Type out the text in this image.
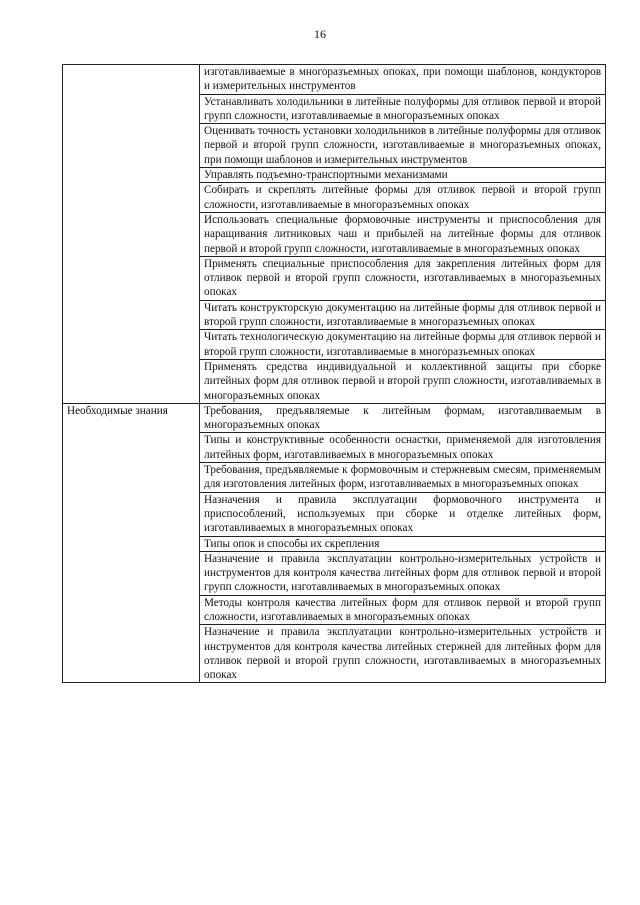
16
	изготавливаемые в многоразъемных опоках, при помощи шаблонов, кондукторов и измерительных инструментов
	Устанавливать холодильники в литейные полуформы для отливок первой и второй групп сложности, изготавливаемые в многоразъемных опоках
	Оценивать точность установки холодильников в литейные полуформы для отливок первой и второй групп сложности, изготавливаемые в многоразъемных опоках, при помощи шаблонов и измерительных инструментов
	Управлять подъемно-транспортными механизмами
	Собирать и скреплять литейные формы для отливок первой и второй групп сложности, изготавливаемые в многоразъемных опоках
	Использовать специальные формовочные инструменты и приспособления для наращивания литниковых чаш и прибылей на литейные формы для отливок первой и второй групп сложности, изготавливаемые в многоразъемных опоках
	Применять специальные приспособления для закрепления литейных форм для отливок первой и второй групп сложности, изготавливаемых в многоразъемных опоках
	Читать конструкторскую документацию на литейные формы для отливок первой и второй групп сложности, изготавливаемые в многоразъемных опоках
	Читать технологическую документацию на литейные формы для отливок первой и второй групп сложности, изготавливаемые в многоразъемных опоках
	Применять средства индивидуальной и коллективной защиты при сборке литейных форм для отливок первой и второй групп сложности, изготавливаемых в многоразъемных опоках
Необходимые знания	Требования, предъявляемые к литейным формам, изготавливаемым в многоразъемных опоках
	Типы и конструктивные особенности оснастки, применяемой для изготовления литейных форм, изготавливаемых в многоразъемных опоках
	Требования, предъявляемые к формовочным и стержневым смесям, применяемым для изготовления литейных форм, изготавливаемых в многоразъемных опоках
	Назначения и правила эксплуатации формовочного инструмента и приспособлений, используемых при сборке и отделке литейных форм, изготавливаемых в многоразъемных опоках
	Типы опок и способы их скрепления
	Назначение и правила эксплуатации контрольно-измерительных устройств и инструментов для контроля качества литейных форм для отливок первой и второй групп сложности, изготавливаемых в многоразъемных опоках
	Методы контроля качества литейных форм для отливок первой и второй групп сложности, изготавливаемых в многоразъемных опоках
	Назначение и правила эксплуатации контрольно-измерительных устройств и инструментов для контроля качества литейных стержней для литейных форм для отливок первой и второй групп сложности, изготавливаемых в многоразъемных опоках
